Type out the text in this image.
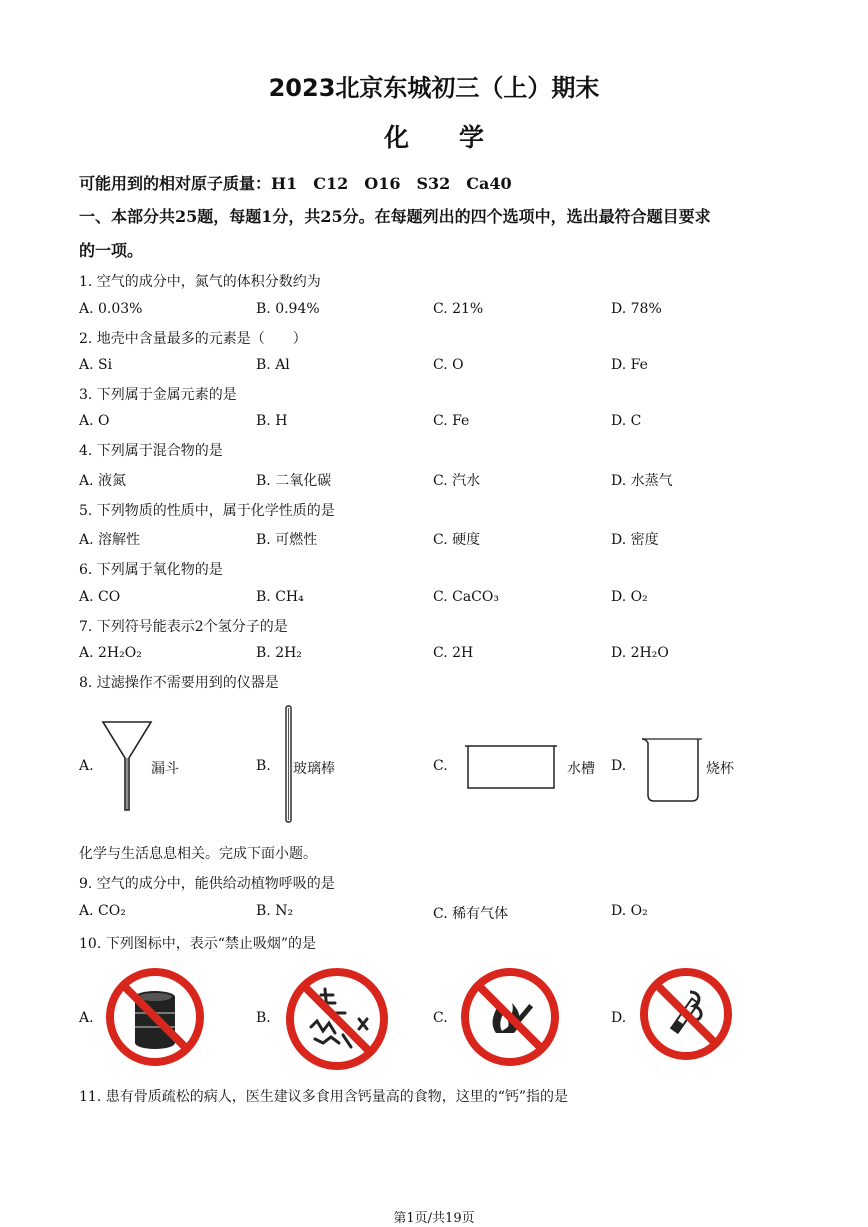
2023北京东城初三（上）期末
化　　学
可能用到的相对原子质量：H1　C12　O16　S32　Ca40
一、本部分共25题，每题1分，共25分。在每题列出的四个选项中，选出最符合题目要求
的一项。
1. 空气的成分中，氮气的体积分数约为
A. 0.03%	B. 0.94%	C. 21%	D. 78%
2. 地壳中含量最多的元素是（　　）
A. Si	B. Al	C. O	D. Fe
3. 下列属于金属元素的是
A. O	B. H	C. Fe	D. C
4. 下列属于混合物的是
A. 液氮	B. 二氧化碳	C. 汽水	D. 水蒸气
5. 下列物质的性质中，属于化学性质的是
A. 溶解性	B. 可燃性	C. 硬度	D. 密度
6. 下列属于氧化物的是
A. CO	B. CH₄	C. CaCO₃	D. O₂
7. 下列符号能表示2个氢分子的是
A. 2H₂O₂	B. 2H₂	C. 2H	D. 2H₂O
8. 过滤操作不需要用到的仪器是
A.	漏斗	B. 玻璃棒	C.	水槽 D.	烧杯
化学与生活息息相关。完成下面小题。
9. 空气的成分中，能供给动植物呼吸的是
A. CO₂	B. N₂	C. 稀有气体	D. O₂
10. 下列图标中，表示“禁止吸烟”的是
A.	B.	C.	D.
11. 患有骨质疏松的病人，医生建议多食用含钙量高的食物，这里的“钙”指的是
第1页/共19页
